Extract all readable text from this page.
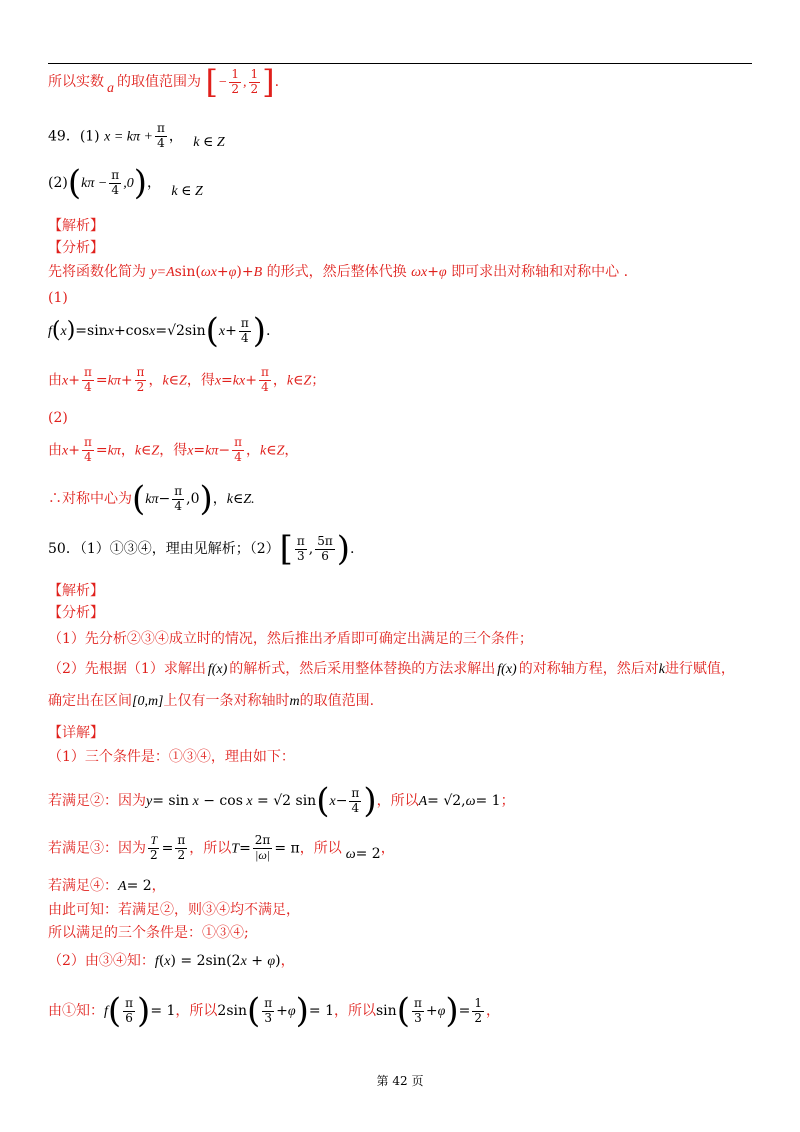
所以实数 a 的取值范围为 [− $\frac{1}{2}$ , $\frac{1}{2}$ ].
49．(1) $x = k\pi + \frac{\pi}{4}$ ， k ∈ Z
$(2)(k\pi - \frac{\pi}{4} ,0)$， k ∈ Z
【解析】
【分析】
先将函数化简为 y=Asin(ωx+φ)+B 的形式，然后整体代换 ωx+φ 即可求出对称轴和对称中心 .
(1)
$f(x)=\sin x+\cos x=√2\sin(x+ \frac{\pi}{4}$ ).
由$x+ \frac{\pi}{4} =k\pi+ \frac{\pi}{2}$ ，k∈Z，得$x=kx+ \frac{\pi}{4}$ ，k∈Z；
(2)
由$x+ \frac{\pi}{4} =k\pi$，k∈Z，得$x=k\pi- \frac{\pi}{4}$ ，k∈Z，
∴对称中心为$(k\pi- \frac{\pi}{4} ,0)$，k∈Z.
50．（1）①③④，理由见解析；$(2)[ \frac{\pi}{3}$ , $\frac{5\pi}{6}$ ).
【解析】
【分析】
（1）先分析②③④成立时的情况，然后推出矛盾即可确定出满足的三个条件；
（2）先根据（1）求解出 f(x) 的解析式，然后采用整体替换的方法求解出 f(x) 的对称轴方程，然后对k进行赋值，
确定出在区间[0,m]上仅有一条对称轴时m的取值范围.
【详解】
（1）三个条件是：①③④，理由如下：
若满足②：因为y= sin x − cos x = √2 $\sin(x- \frac{\pi}{4}$ )，所以A= √2,ω= 1；
若满足③：因为 $\frac{T}{2} = \frac{\pi}{2}$ ，所以$T= \frac{2\pi}{|\omega|} = \pi$，所以 ω= 2，
若满足④：A= 2，
由此可知：若满足②，则③④均不满足，
所以满足的三个条件是：①③④;
（2）由③④知：f(x) = 2sin(2x + φ)，
由①知：$f( \frac{\pi}{6}$ )= 1，所以$2\sin( \frac{\pi}{3} +\varphi)= 1$，所以$\sin( \frac{\pi}{3} +\varphi)= \frac{1}{2}$ ，
第 42 页
